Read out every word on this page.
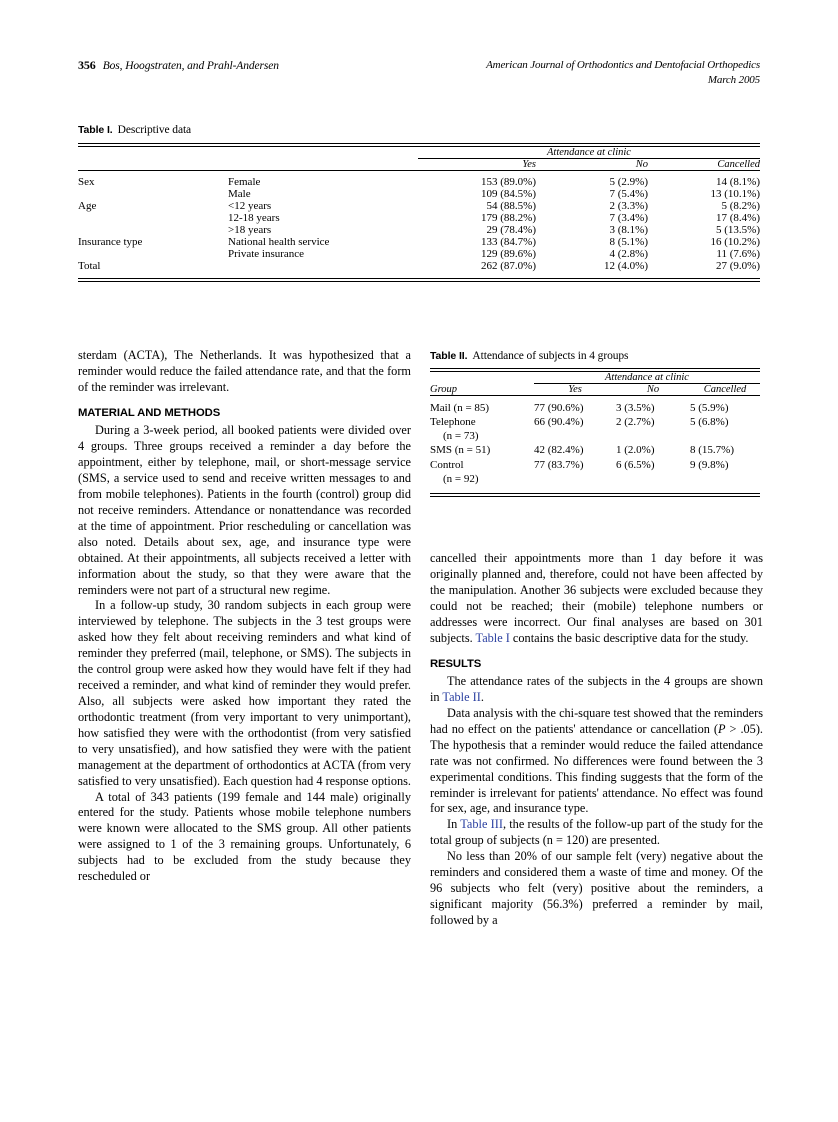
356 Bos, Hoogstraten, and Prahl-Andersen	American Journal of Orthodontics and Dentofacial Orthopedics
March 2005
Table I. Descriptive data
		Attendance at clinic		

		Yes	No	Cancelled

Sex	Female	153 (89.0%)	5 (2.9%)	14 (8.1%)
	Male	109 (84.5%)	7 (5.4%)	13 (10.1%)
Age	<12 years	54 (88.5%)	2 (3.3%)	5 (8.2%)
	12-18 years	179 (88.2%)	7 (3.4%)	17 (8.4%)
	>18 years	29 (78.4%)	3 (8.1%)	5 (13.5%)
Insurance type	National health service	133 (84.7%)	8 (5.1%)	16 (10.2%)
	Private insurance	129 (89.6%)	4 (2.8%)	11 (7.6%)
Total		262 (87.0%)	12 (4.0%)	27 (9.0%)
Table II. Attendance of subjects in 4 groups
	Attendance at clinic		

Group	Yes	No	Cancelled

Mail (n = 85)	77 (90.6%)	3 (3.5%)	5 (5.9%)
Telephone
(n = 73)	66 (90.4%)	2 (2.7%)	5 (6.8%)
SMS (n = 51)	42 (82.4%)	1 (2.0%)	8 (15.7%)
Control
(n = 92)	77 (83.7%)	6 (6.5%)	9 (9.8%)

sterdam (ACTA), The Netherlands. It was hypothesized that a reminder would reduce the failed attendance rate, and that the form of the reminder was irrelevant.

MATERIAL AND METHODS

During a 3-week period, all booked patients were divided over 4 groups. Three groups received a reminder a day before the appointment, either by telephone, mail, or short-message service (SMS, a service used to send and receive written messages to and from mobile telephones). Patients in the fourth (control) group did not receive reminders. Attendance or nonattendance was recorded at the time of appointment. Prior rescheduling or cancellation was also noted. Details about sex, age, and insurance type were obtained. At their appointments, all subjects received a letter with information about the study, so that they were aware that the reminders were not part of a structural new regime.

In a follow-up study, 30 random subjects in each group were interviewed by telephone. The subjects in the 3 test groups were asked how they felt about receiving reminders and what kind of reminder they preferred (mail, telephone, or SMS). The subjects in the control group were asked how they would have felt if they had received a reminder, and what kind of reminder they would prefer. Also, all subjects were asked how important they rated the orthodontic treatment (from very important to very unimportant), how satisfied they were with the orthodontist (from very satisfied to very unsatisfied), and how satisfied they were with the patient management at the department of orthodontics at ACTA (from very satisfied to very unsatisfied). Each question had 4 response options.

A total of 343 patients (199 female and 144 male) originally entered for the study. Patients whose mobile telephone numbers were known were allocated to the SMS group. All other patients were assigned to 1 of the 3 remaining groups. Unfortunately, 6 subjects had to be excluded from the study because they rescheduled or

cancelled their appointments more than 1 day before it was originally planned and, therefore, could not have been affected by the manipulation. Another 36 subjects were excluded because they could not be reached; their (mobile) telephone numbers or addresses were incorrect. Our final analyses are based on 301 subjects. Table I contains the basic descriptive data for the study.

RESULTS

The attendance rates of the subjects in the 4 groups are shown in Table II.

Data analysis with the chi-square test showed that the reminders had no effect on the patients' attendance or cancellation (P > .05). The hypothesis that a reminder would reduce the failed attendance rate was not confirmed. No differences were found between the 3 experimental conditions. This finding suggests that the form of the reminder is irrelevant for patients' attendance. No effect was found for sex, age, and insurance type.

In Table III, the results of the follow-up part of the study for the total group of subjects (n = 120) are presented.

No less than 20% of our sample felt (very) negative about the reminders and considered them a waste of time and money. Of the 96 subjects who felt (very) positive about the reminders, a significant majority (56.3%) preferred a reminder by mail, followed by a
